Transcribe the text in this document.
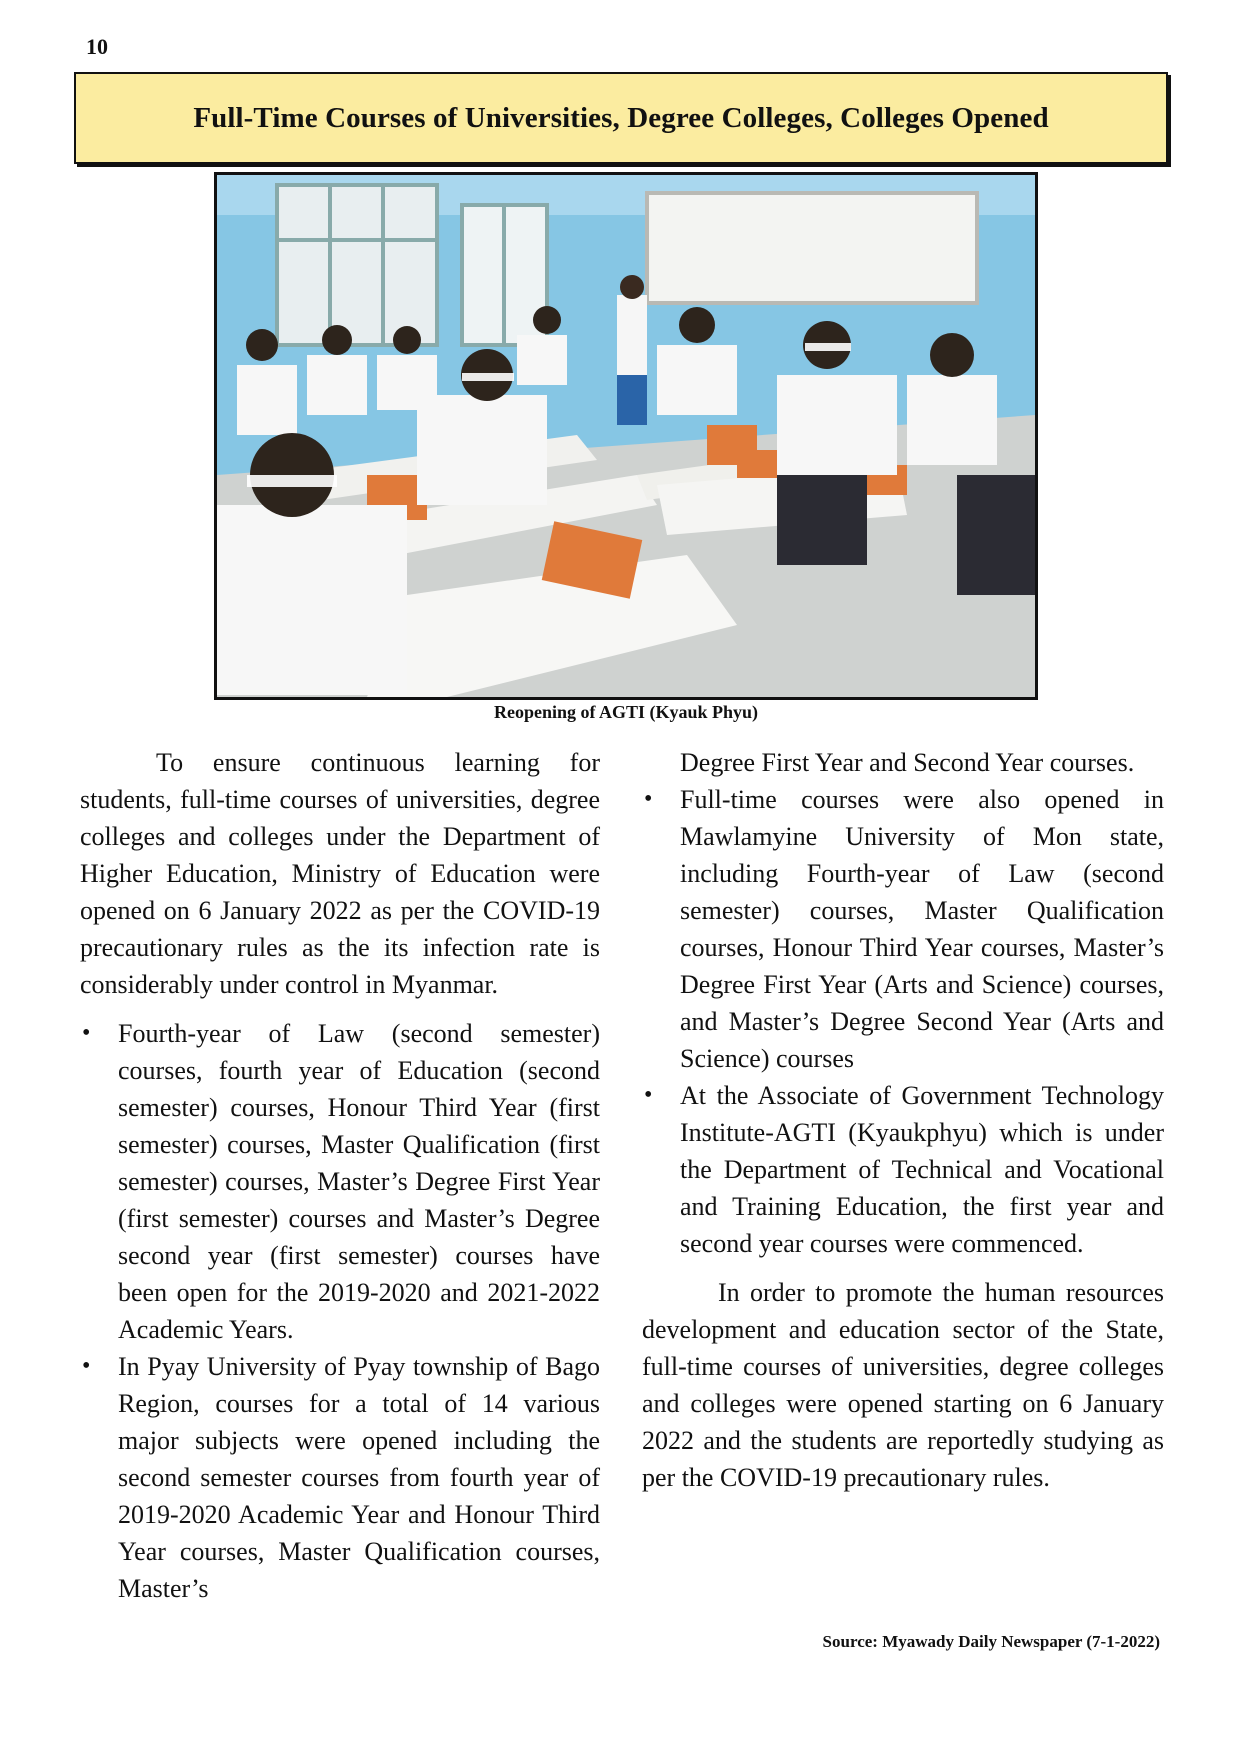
10
Full-Time Courses of Universities, Degree Colleges, Colleges Opened
Reopening of AGTI (Kyauk Phyu)

To ensure continuous learning for students, full-time courses of universities, degree colleges and colleges under the Department of Higher Education, Ministry of Education were opened on 6 January 2022 as per the COVID-19 precautionary rules as the its infection rate is considerably under control in Myanmar.

• Fourth-year of Law (second semester) courses, fourth year of Education (second semester) courses, Honour Third Year (first semester) courses, Master Qualification (first semester) courses, Master’s Degree First Year (first semester) courses and Master’s Degree second year (first semester) courses have been open for the 2019-2020 and 2021-2022 Academic Years.
• In Pyay University of Pyay township of Bago Region, courses for a total of 14 various major subjects were opened including the second semester courses from fourth year of 2019-2020 Academic Year and Honour Third Year courses, Master Qualification courses, Master’s

Degree First Year and Second Year courses.

• Full-time courses were also opened in Mawlamyine University of Mon state, including Fourth-year of Law (second semester) courses, Master Qualification courses, Honour Third Year courses, Master’s Degree First Year (Arts and Science) courses, and Master’s Degree Second Year (Arts and Science) courses
• At the Associate of Government Technology Institute-AGTI (Kyaukphyu) which is under the Department of Technical and Vocational and Training Education, the first year and second year courses were commenced.

In order to promote the human resources development and education sector of the State, full-time courses of universities, degree colleges and colleges were opened starting on 6 January 2022 and the students are reportedly studying as per the COVID-19 precautionary rules.

Source: Myawady Daily Newspaper (7-1-2022)
